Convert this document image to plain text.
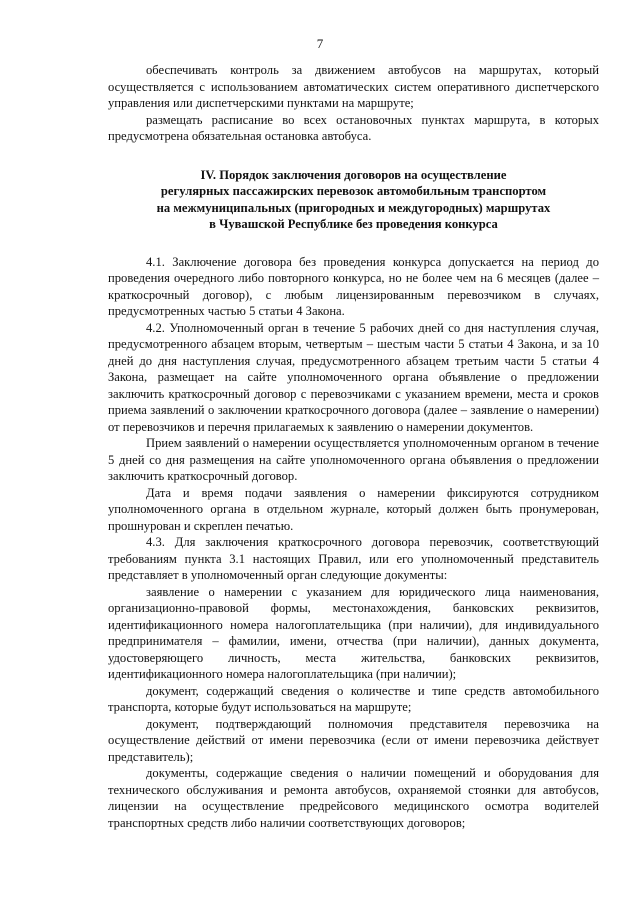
7

обеспечивать контроль за движением автобусов на маршрутах, который осуществляется с использованием автоматических систем оперативного диспетчерского управления или диспетчерскими пунктами на маршруте;

размещать расписание во всех остановочных пунктах маршрута, в которых предусмотрена обязательная остановка автобуса.

IV. Порядок заключения договоров на осуществление
регулярных пассажирских перевозок автомобильным транспортом
на межмуниципальных (пригородных и междугородных) маршрутах
в Чувашской Республике без проведения конкурса

4.1. Заключение договора без проведения конкурса допускается на период до проведения очередного либо повторного конкурса, но не более чем на 6 месяцев (далее – краткосрочный договор), с любым лицензированным перевозчиком в случаях, предусмотренных частью 5 статьи 4 Закона.

4.2. Уполномоченный орган в течение 5 рабочих дней со дня наступления случая, предусмотренного абзацем вторым, четвертым – шестым части 5 статьи 4 Закона, и за 10 дней до дня наступления случая, предусмотренного абзацем третьим части 5 статьи 4 Закона, размещает на сайте уполномоченного органа объявление о предложении заключить краткосрочный договор с перевозчиками с указанием времени, места и сроков приема заявлений о заключении краткосрочного договора (далее – заявление о намерении) от перевозчиков и перечня прилагаемых к заявлению о намерении документов.

Прием заявлений о намерении осуществляется уполномоченным органом в течение 5 дней со дня размещения на сайте уполномоченного органа объявления о предложении заключить краткосрочный договор.

Дата и время подачи заявления о намерении фиксируются сотрудником уполномоченного органа в отдельном журнале, который должен быть пронумерован, прошнурован и скреплен печатью.

4.3. Для заключения краткосрочного договора перевозчик, соответствующий требованиям пункта 3.1 настоящих Правил, или его уполномоченный представитель представляет в уполномоченный орган следующие документы:

заявление о намерении с указанием для юридического лица наименования, организационно-правовой формы, местонахождения, банковских реквизитов, идентификационного номера налогоплательщика (при наличии), для индивидуального предпринимателя – фамилии, имени, отчества (при наличии), данных документа, удостоверяющего личность, места жительства, банковских реквизитов, идентификационного номера налогоплательщика (при наличии);

документ, содержащий сведения о количестве и типе средств автомобильного транспорта, которые будут использоваться на маршруте;

документ, подтверждающий полномочия представителя перевозчика на осуществление действий от имени перевозчика (если от имени перевозчика действует представитель);

документы, содержащие сведения о наличии помещений и оборудования для технического обслуживания и ремонта автобусов, охраняемой стоянки для автобусов, лицензии на осуществление предрейсового медицинского осмотра водителей транспортных средств либо наличии соответствующих договоров;
